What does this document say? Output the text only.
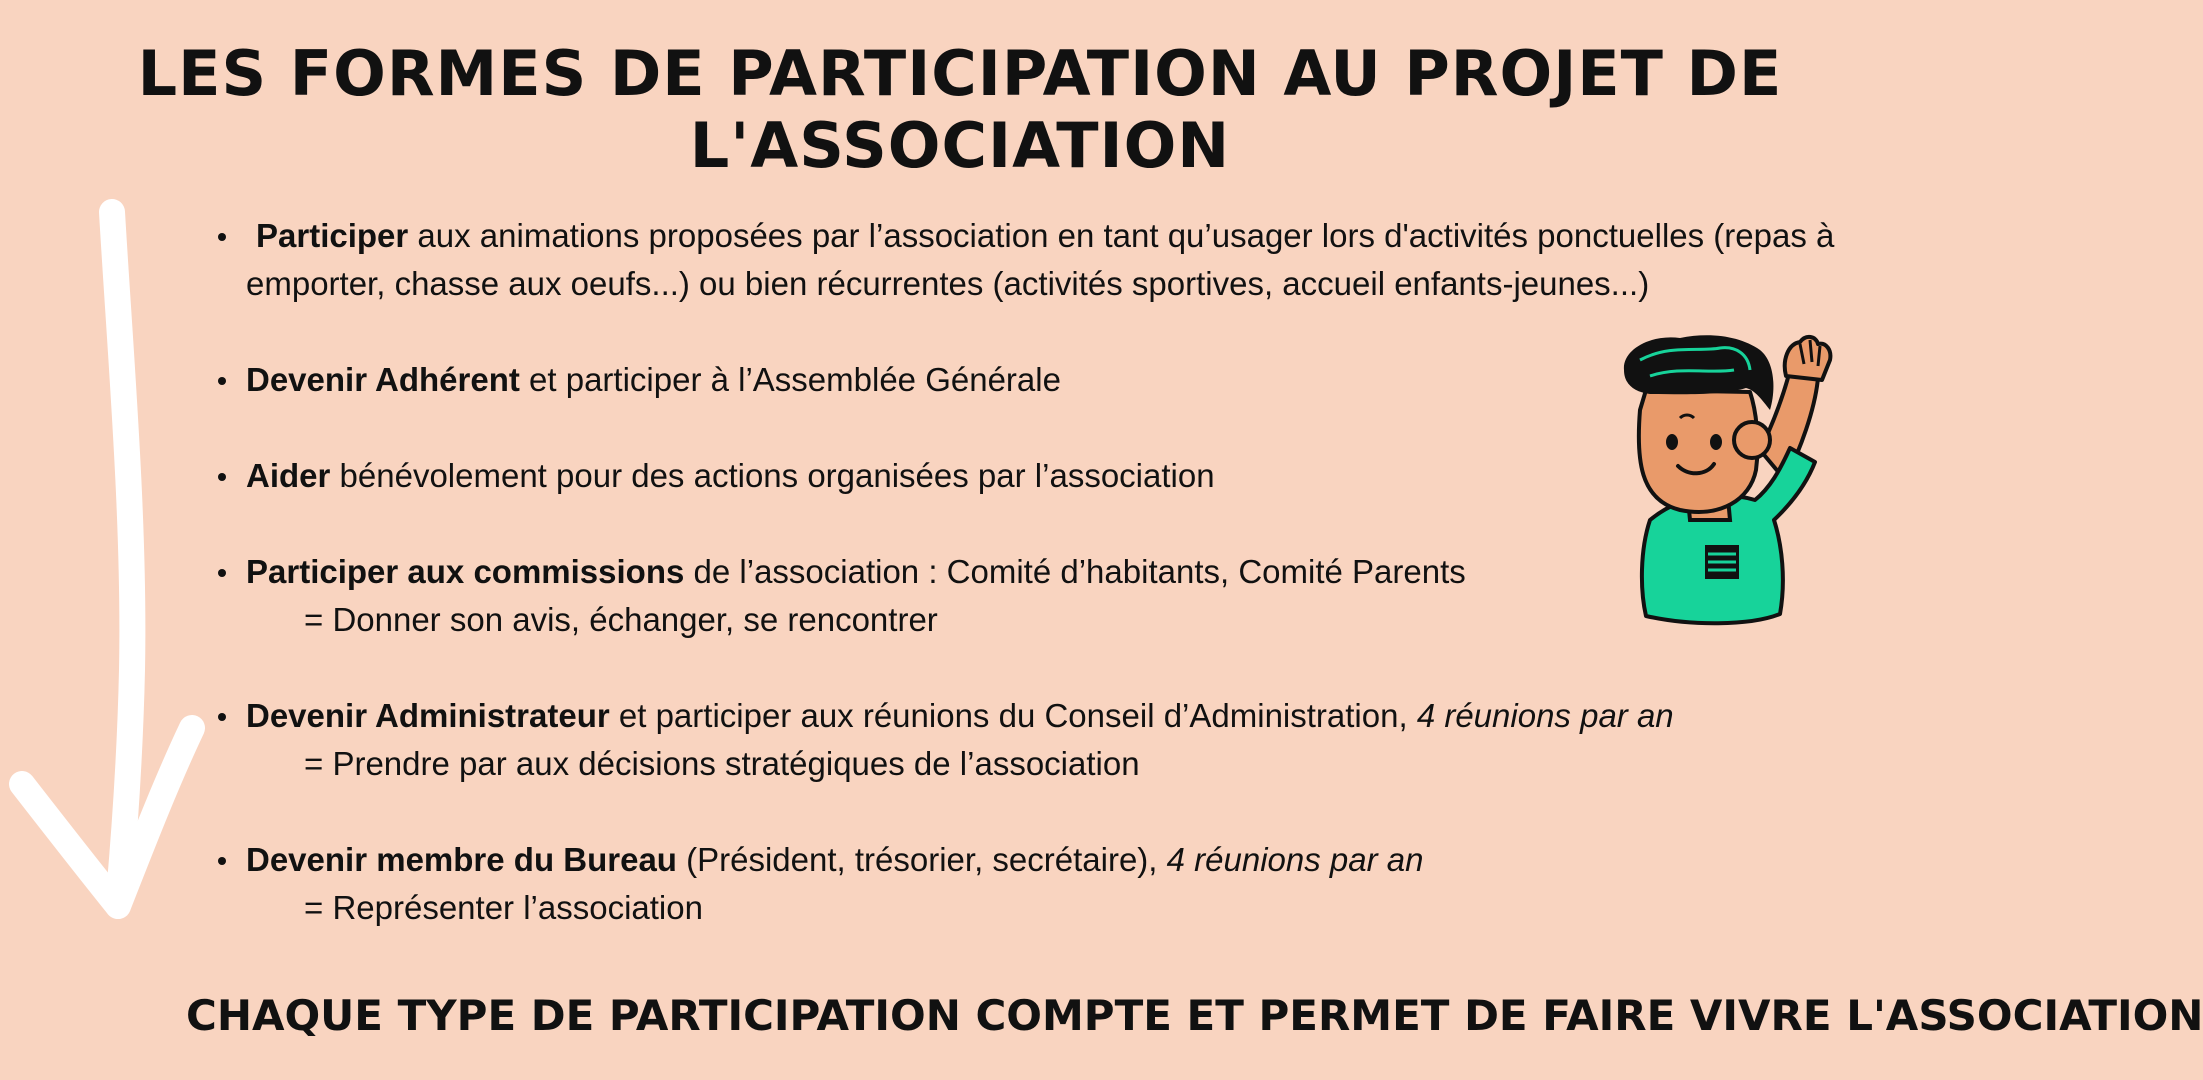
LES FORMES DE PARTICIPATION AU PROJET DE
L'ASSOCIATION
Participer aux animations proposées par l’association en tant qu’usager lors d'activités ponctuelles (repas à emporter, chasse aux oeufs...) ou bien récurrentes (activités sportives, accueil enfants-jeunes...)
Devenir Adhérent et participer à l’Assemblée Générale
Aider bénévolement pour des actions organisées par l’association
Participer aux commissions de l’association : Comité d’habitants, Comité Parents
= Donner son avis, échanger, se rencontrer
Devenir Administrateur et participer aux réunions du Conseil d’Administration, 4 réunions par an
= Prendre par aux décisions stratégiques de l’association
Devenir membre du Bureau (Président, trésorier, secrétaire), 4 réunions par an
= Représenter l’association

CHAQUE TYPE DE PARTICIPATION COMPTE ET PERMET DE FAIRE VIVRE L'ASSOCIATION
